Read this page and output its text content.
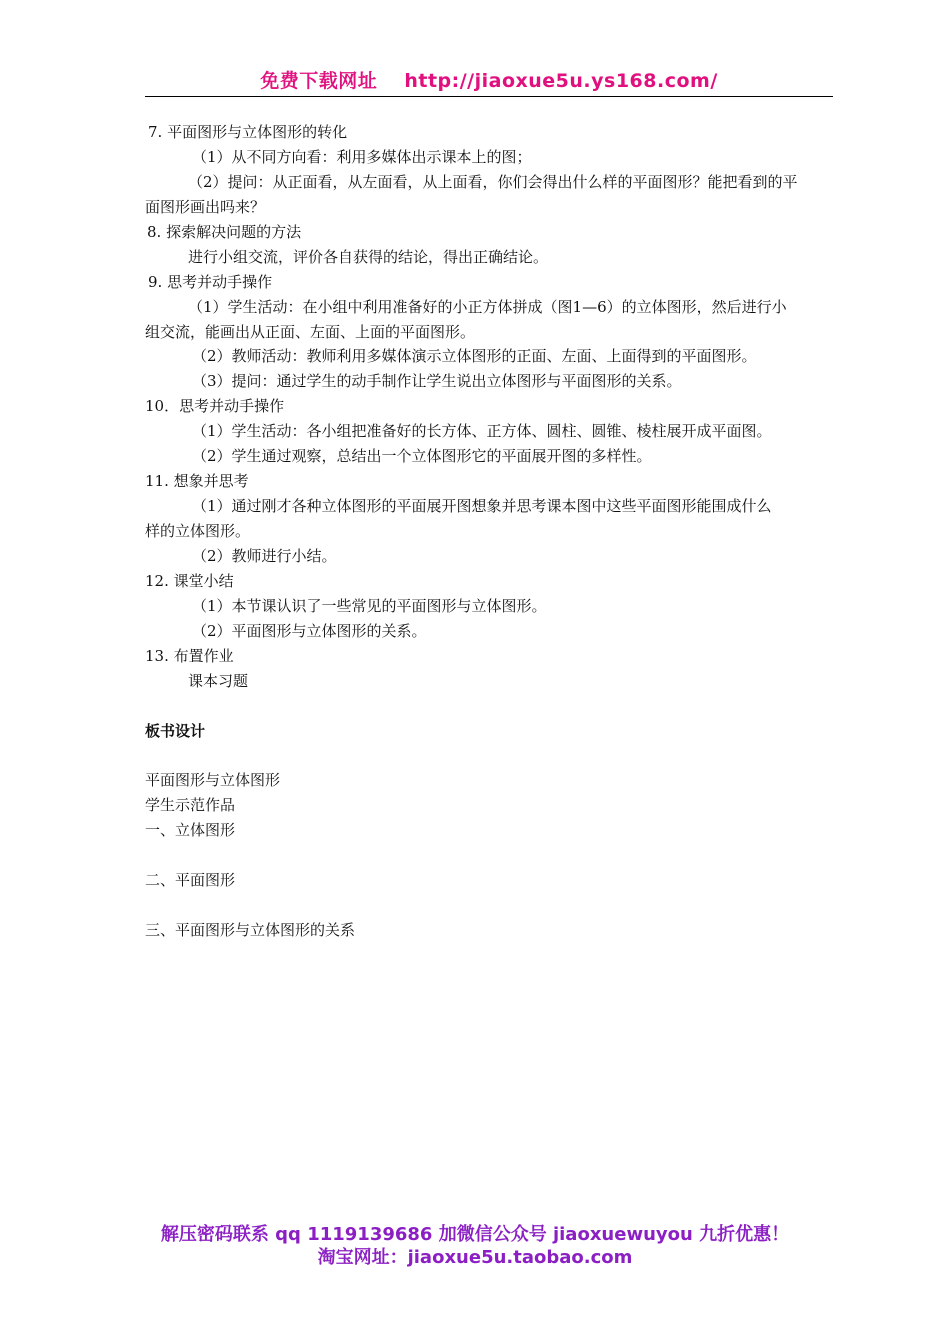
免费下载网址 http://jiaoxue5u.ys168.com/
7. 平面图形与立体图形的转化
（1）从不同方向看：利用多媒体出示课本上的图；
（2）提问：从正面看，从左面看，从上面看，你们会得出什么样的平面图形？能把看到的平
面图形画出吗来？
8. 探索解决问题的方法
进行小组交流，评价各自获得的结论，得出正确结论。
9. 思考并动手操作
（1）学生活动：在小组中利用准备好的小正方体拼成（图1—6）的立体图形，然后进行小
组交流，能画出从正面、左面、上面的平面图形。
（2）教师活动：教师利用多媒体演示立体图形的正面、左面、上面得到的平面图形。
（3）提问：通过学生的动手制作让学生说出立体图形与平面图形的关系。
10．思考并动手操作
（1）学生活动：各小组把准备好的长方体、正方体、圆柱、圆锥、棱柱展开成平面图。
（2）学生通过观察，总结出一个立体图形它的平面展开图的多样性。
11. 想象并思考
（1）通过刚才各种立体图形的平面展开图想象并思考课本图中这些平面图形能围成什么
样的立体图形。
（2）教师进行小结。
12. 课堂小结
（1）本节课认识了一些常见的平面图形与立体图形。
（2）平面图形与立体图形的关系。
13. 布置作业
课本习题
板书设计
平面图形与立体图形
学生示范作品
一、立体图形
二、平面图形
三、平面图形与立体图形的关系
解压密码联系 qq 1119139686 加微信公众号 jiaoxuewuyou 九折优惠！
淘宝网址：jiaoxue5u.taobao.com
